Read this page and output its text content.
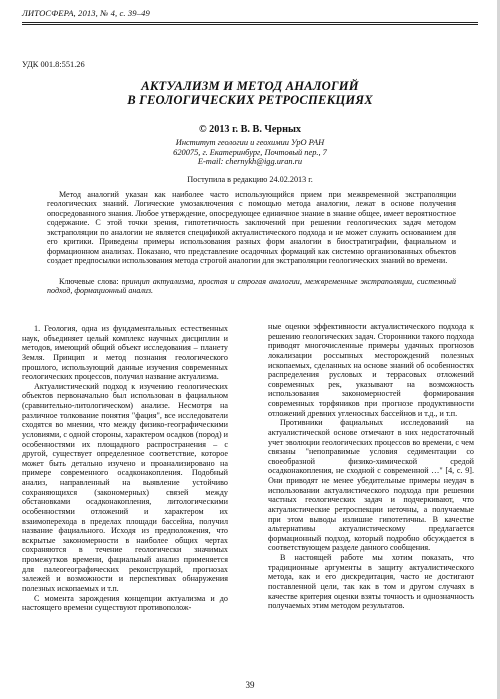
ЛИТОСФЕРА, 2013, № 4, с. 39–49
УДК 001.8:551.26
АКТУАЛИЗМ И МЕТОД АНАЛОГИЙ
В ГЕОЛОГИЧЕСКИХ РЕТРОСПЕКЦИЯХ
© 2013 г. В. В. Черных
Институт геологии и геохимии УрО РАН
620075, г. Екатеринбург, Почтовый пер., 7
E-mail: chernykh@igg.uran.ru
Поступила в редакцию 24.02.2013 г.

Метод аналогий указан как наиболее часто использующийся прием при межвременной экстраполяции геологических знаний. Логические умозаключения с помощью метода аналогии, лежат в основе получения опосредованного знания. Любое утверждение, опосредующее единичное знание в знание общее, имеет вероятностное содержание. С этой точки зрения, гипотетичность заключений при решении геологических задач методом экстраполяции по аналогии не является спецификой актуалистического подхода и не может служить основанием для его критики. Приведены примеры использования разных форм аналогии в биостратиграфии, фациальном и формационном анализах. Показано, что представление осадочных формаций как системно организованных объектов создает предпосылки использования метода строгой аналогии для экстраполяции геологических знаний во времени.

Ключевые слова: принцип актуализма, простая и строгая аналогии, межвременные экстраполяции, системный подход, формационный анализ.

1. Геология, одна из фундаментальных естественных наук, объединяет целый комплекс научных дисциплин и методов, имеющий общий объект исследования – планету Земля. Принцип и метод познания геологического прошлого, использующий данные изучения современных геологических процессов, получил название актуализма.

Актуалистический подход к изучению геологических объектов первоначально был использован в фациальном (сравнительно-литологическом) анализе. Несмотря на различное толкование понятия "фация", все исследователи сходятся во мнении, что между физико-географическими условиями, с одной стороны, характером осадков (пород) и особенностями их площадного распространения – с другой, существует определенное соответствие, которое может быть детально изучено и проанализировано на примере современного осадконакопления. Подобный анализ, направленный на выявление устойчиво сохраняющихся (закономерных) связей между обстановками осадконакопления, литологическими особенностями отложений и характером их взаимоперехода в пределах площади бассейна, получил название фациального. Исходя из предположения, что вскрытые закономерности в наиболее общих чертах сохраняются в течение геологически значимых промежутков времени, фациальный анализ применяется для палеогеографических реконструкций, прогнозах залежей и возможности и перспективах обнаружения полезных ископаемых и т.п.

С момента зарождения концепции актуализма и до настоящего времени существуют противополож-

ные оценки эффективности актуалистического подхода к решению геологических задач. Сторонники такого подхода приводят многочисленные примеры удачных прогнозов локализации россыпных месторождений полезных ископаемых, сделанных на основе знаний об особенностях распределения русловых и террасовых отложений современных рек, указывают на возможность использования закономерностей формирования современных торфяников при прогнозе продуктивности отложений древних угленосных бассейнов и т.д., и т.п.

Противники фациальных исследований на актуалистической основе отмечают в них недостаточный учет эволюции геологических процессов во времени, с чем связаны "непоправимые условия седиментации со своеобразной физико-химической средой осадконакопления, не сходной с современной …" [4, с. 9]. Они приводят не менее убедительные примеры неудач в использовании актуалистического подхода при решении частных геологических задач и подчеркивают, что актуалистические ретроспекции неточны, а получаемые при этом выводы излишне гипотетичны. В качестве альтернативы актуалистическому предлагается формационный подход, который подробно обсуждается в соответствующем разделе данного сообщения.

В настоящей работе мы хотим показать, что традиционные аргументы в защиту актуалистического метода, как и его дискредитация, часто не достигают поставленной цели, так как в том и другом случаях в качестве критерия оценки взяты точность и однозначность получаемых этим методом результатов.

39
